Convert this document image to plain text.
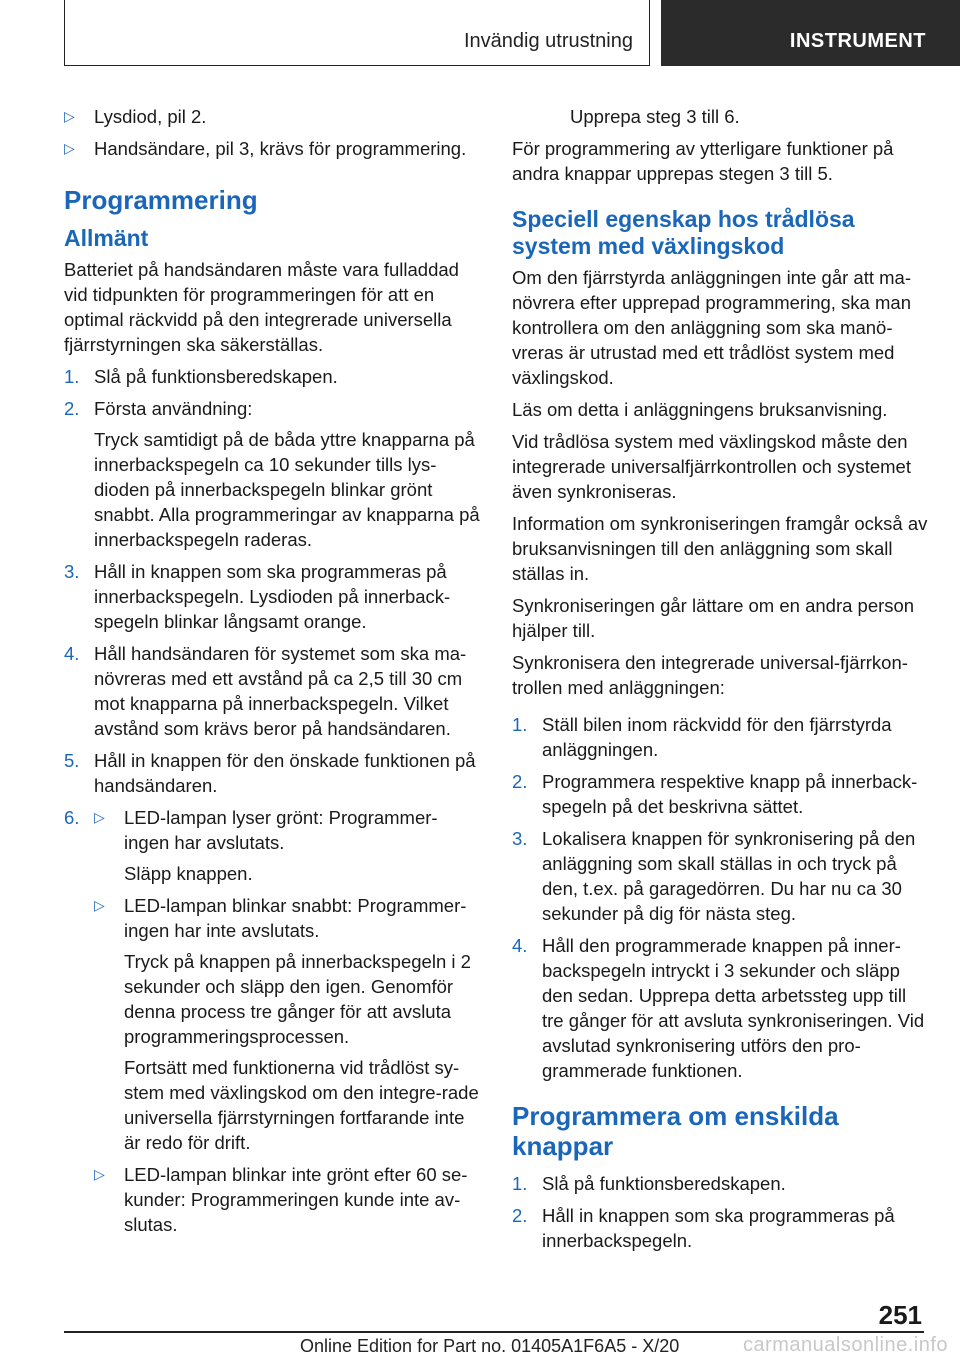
Invändig utrustning	INSTRUMENT
▷ Lysdiod, pil 2.
▷ Handsändare, pil 3, krävs för programmering.
Programmering
Allmänt

Batteriet på handsändaren måste vara fulladdad vid tidpunkten för programmeringen för att en optimal räckvidd på den integrerade universella fjärrstyrningen ska säkerställas.

1. Slå på funktionsberedskapen.
2. Första användning:
Tryck samtidigt på de båda yttre knapparna på innerbackspegeln ca 10 sekunder tills lys‐dioden på innerbackspegeln blinkar grönt snabbt. Alla programmeringar av knapparna på innerbackspegeln raderas.
3. Håll in knappen som ska programmeras på innerbackspegeln. Lysdioden på innerback‐spegeln blinkar långsamt orange.
4. Håll handsändaren för systemet som ska ma‐növreras med ett avstånd på ca 2,5 till 30 cm mot knapparna på innerbackspegeln. Vilket avstånd som krävs beror på handsändaren.
5. Håll in knappen för den önskade funktionen på handsändaren.
6. ▷ LED-lampan lyser grönt: Programmer‐ingen har avslutats.
Släpp knappen.
▷ LED-lampan blinkar snabbt: Programmer‐ingen har inte avslutats.
Tryck på knappen på innerbackspegeln i 2 sekunder och släpp den igen. Genomför denna process tre gånger för att avsluta programmeringsprocessen.
Fortsätt med funktionerna vid trådlöst sy‐stem med växlingskod om den integre‐rade universella fjärrstyrningen fortfarande inte är redo för drift.
▷ LED-lampan blinkar inte grönt efter 60 se‐kunder: Programmeringen kunde inte av‐slutas.

Upprepa steg 3 till 6.

För programmering av ytterligare funktioner på andra knappar upprepas stegen 3 till 5.

Speciell egenskap hos trådlösa system med växlingskod

Om den fjärrstyrda anläggningen inte går att ma‐növrera efter upprepad programmering, ska man kontrollera om den anläggning som ska manö‐vreras är utrustad med ett trådlöst system med växlingskod.

Läs om detta i anläggningens bruksanvisning.

Vid trådlösa system med växlingskod måste den integrerade universalfjärrkontrollen och systemet även synkroniseras.

Information om synkroniseringen framgår också av bruksanvisningen till den anläggning som skall ställas in.

Synkroniseringen går lättare om en andra person hjälper till.

Synkronisera den integrerade universal-fjärrkon‐trollen med anläggningen:

1. Ställ bilen inom räckvidd för den fjärrstyrda anläggningen.
2. Programmera respektive knapp på innerback‐spegeln på det beskrivna sättet.
3. Lokalisera knappen för synkronisering på den anläggning som skall ställas in och tryck på den, t.ex. på garagedörren. Du har nu ca 30 sekunder på dig för nästa steg.
4. Håll den programmerade knappen på inner‐backspegeln intryckt i 3 sekunder och släpp den sedan. Upprepa detta arbetssteg upp till tre gånger för att avsluta synkroniseringen. Vid avslutad synkronisering utförs den pro‐grammerade funktionen.
Programmera om enskilda knappar
1. Slå på funktionsberedskapen.
2. Håll in knappen som ska programmeras på innerbackspegeln.
251
Online Edition for Part no. 01405A1F6A5 - X/20	carmanualsonline.info
